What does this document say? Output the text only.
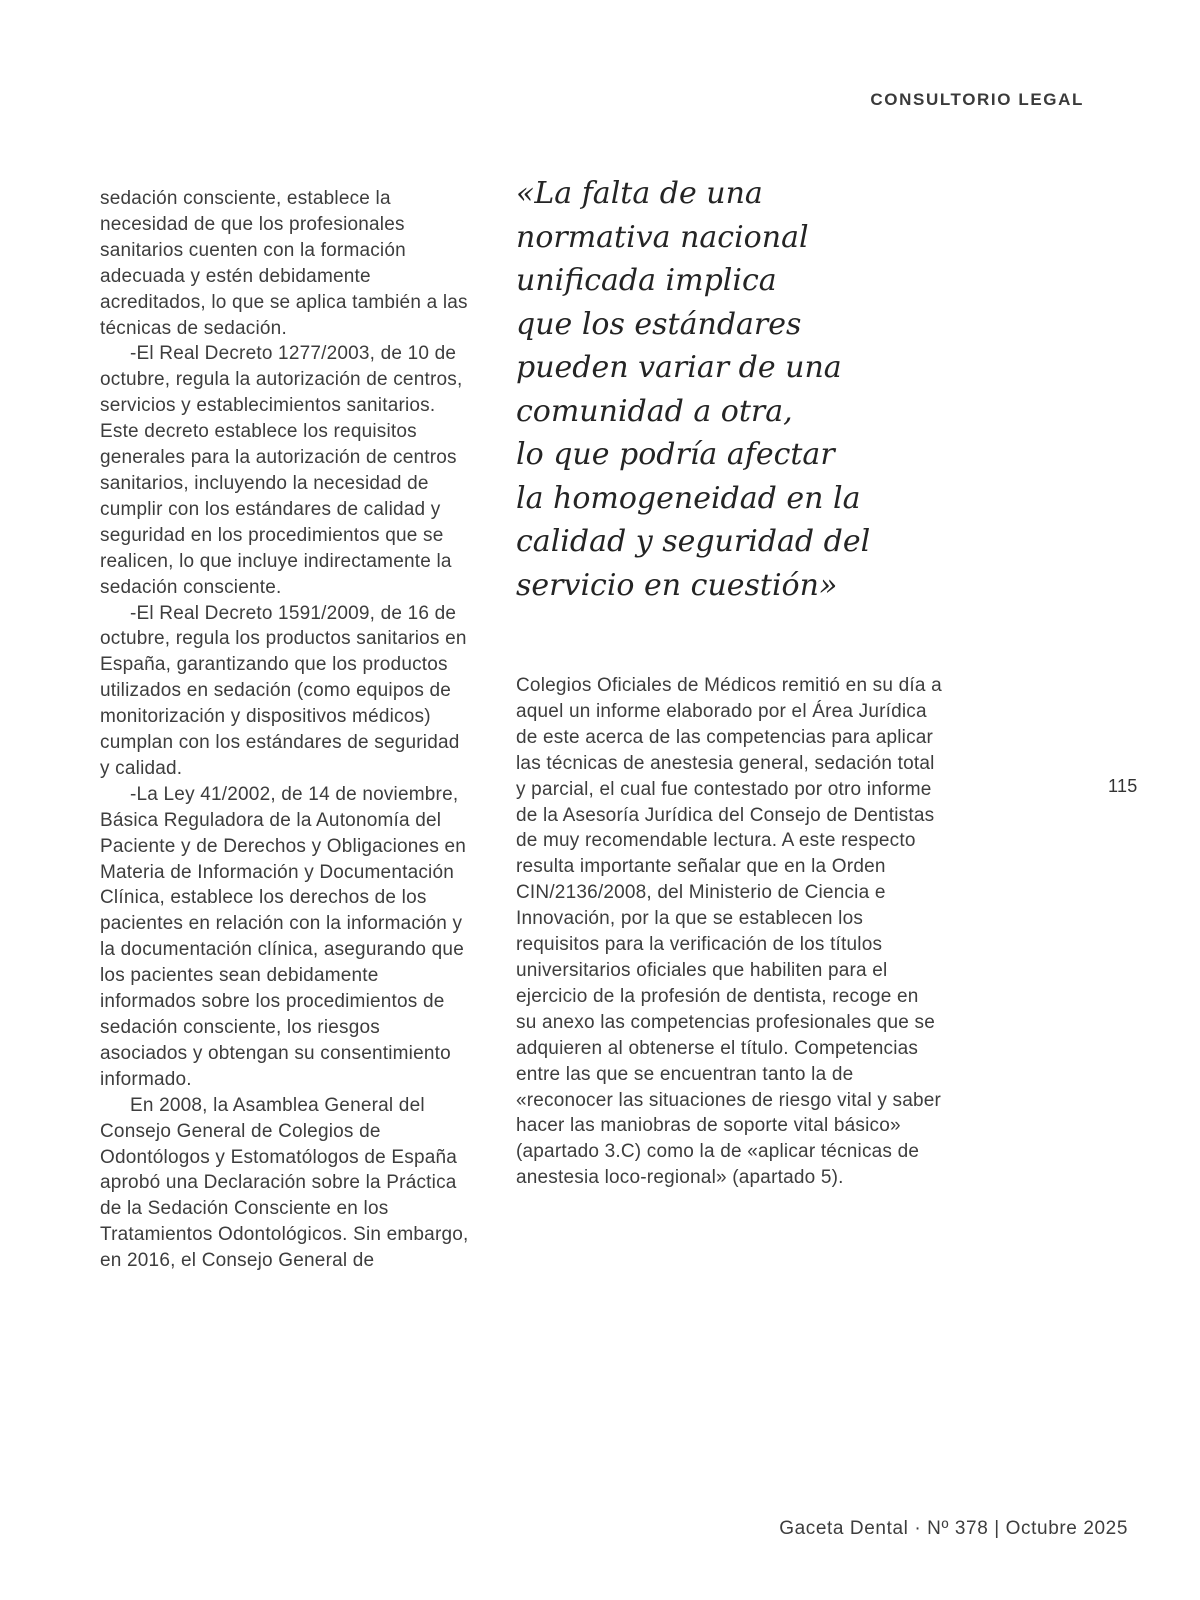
CONSULTORIO LEGAL

sedación consciente, establece la necesidad de que los profesionales sanitarios cuenten con la formación adecuada y estén debidamente acreditados, lo que se aplica también a las técnicas de sedación.

-El Real Decreto 1277/2003, de 10 de octubre, regula la autorización de centros, servicios y establecimientos sanitarios. Este decreto establece los requisitos generales para la autorización de centros sanitarios, incluyendo la necesidad de cumplir con los estándares de calidad y seguridad en los procedimientos que se realicen, lo que incluye indirectamente la sedación consciente.

-El Real Decreto 1591/2009, de 16 de octubre, regula los productos sanitarios en España, garantizando que los productos utilizados en sedación (como equipos de monitorización y dispositivos médicos) cumplan con los estándares de seguridad y calidad.

-La Ley 41/2002, de 14 de noviembre, Básica Reguladora de la Autonomía del Paciente y de Derechos y Obligaciones en Materia de Información y Documentación Clínica, establece los derechos de los pacientes en relación con la información y la documentación clínica, asegurando que los pacientes sean debidamente informados sobre los procedimientos de sedación consciente, los riesgos asociados y obtengan su consentimiento informado.

En 2008, la Asamblea General del Consejo General de Colegios de Odontólogos y Estomatólogos de España aprobó una Declaración sobre la Práctica de la Sedación Consciente en los Tratamientos Odontológicos. Sin embargo, en 2016, el Consejo General de

«La falta de una
normativa nacional
unificada implica
que los estándares
pueden variar de una
comunidad a otra,
lo que podría afectar
la homogeneidad en la
calidad y seguridad del
servicio en cuestión»

Colegios Oficiales de Médicos remitió en su día a aquel un informe elaborado por el Área Jurídica de este acerca de las competencias para aplicar las técnicas de anestesia general, sedación total y parcial, el cual fue contestado por otro informe de la Asesoría Jurídica del Consejo de Dentistas de muy recomendable lectura. A este respecto resulta importante señalar que en la Orden CIN/2136/2008, del Ministerio de Ciencia e Innovación, por la que se establecen los requisitos para la verificación de los títulos universitarios oficiales que habiliten para el ejercicio de la profesión de dentista, recoge en su anexo las competencias profesionales que se adquieren al obtenerse el título. Competencias entre las que se encuentran tanto la de «reconocer las situaciones de riesgo vital y saber hacer las maniobras de soporte vital básico» (apartado 3.C) como la de «aplicar técnicas de anestesia loco-regional» (apartado 5).

115
Gaceta Dental · Nº 378 | Octubre 2025
